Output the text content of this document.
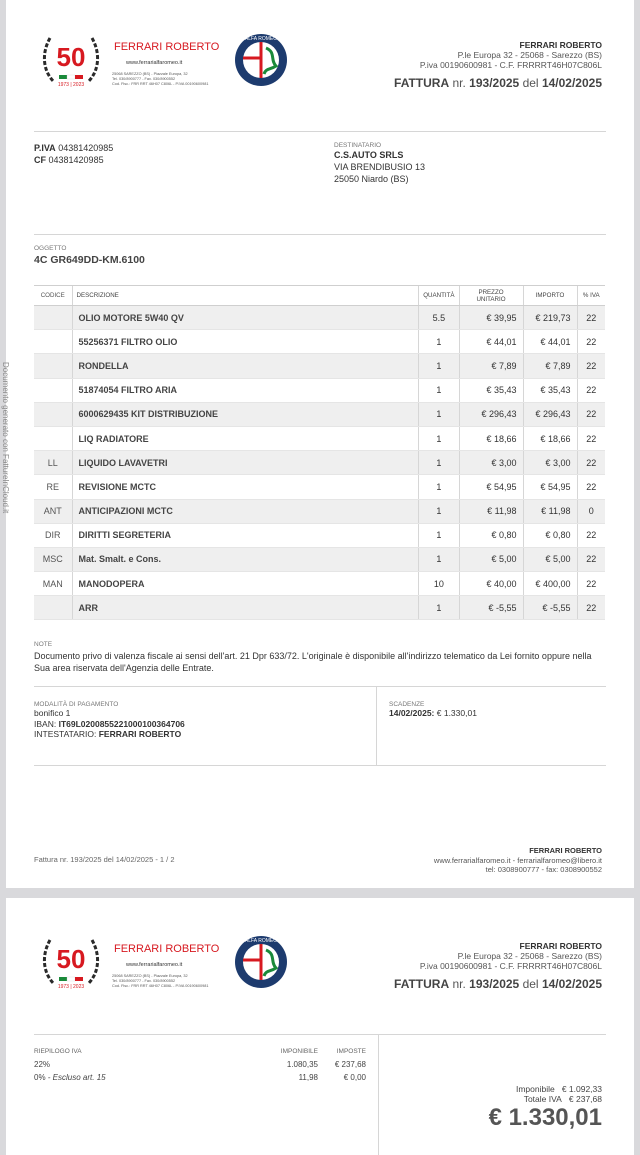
Documento generato con FattureInCloud.it
50
1973 | 2023
FERRARI ROBERTO
www.ferrarialfaromeo.it
25068 SAREZZO (BS) - Piazzale Europa, 32
Tel. 030/8900777 - Fax. 030/8900552
Cod. Fisc.: FRR RRT 46H07 C806L - P.IVA 00190600981
ALFA ROMEO
FERRARI ROBERTO
P.le Europa 32 - 25068 - Sarezzo (BS)
P.iva 00190600981 - C.F. FRRRRT46H07C806L
FATTURA nr. 193/2025 del 14/02/2025
P.IVA 04381420985
CF 04381420985
DESTINATARIO
C.S.AUTO SRLS
VIA BRENDIBUSIO 13
25050 Niardo (BS)
OGGETTO
4C GR649DD-KM.6100
CODICE	DESCRIZIONE	QUANTITÀ	PREZZO UNITARIO	IMPORTO	% IVA
	OLIO MOTORE 5W40 QV	5.5	€ 39,95	€ 219,73	22
	55256371 FILTRO OLIO	1	€ 44,01	€ 44,01	22
	RONDELLA	1	€ 7,89	€ 7,89	22
	51874054 FILTRO ARIA	1	€ 35,43	€ 35,43	22
	6000629435 KIT DISTRIBUZIONE	1	€ 296,43	€ 296,43	22
	LIQ RADIATORE	1	€ 18,66	€ 18,66	22
LL	LIQUIDO LAVAVETRI	1	€ 3,00	€ 3,00	22
RE	REVISIONE MCTC	1	€ 54,95	€ 54,95	22
ANT	ANTICIPAZIONI MCTC	1	€ 11,98	€ 11,98	0
DIR	DIRITTI SEGRETERIA	1	€ 0,80	€ 0,80	22
MSC	Mat. Smalt. e Cons.	1	€ 5,00	€ 5,00	22
MAN	MANODOPERA	10	€ 40,00	€ 400,00	22
	ARR	1	€ -5,55	€ -5,55	22
NOTE
Documento privo di valenza fiscale ai sensi dell'art. 21 Dpr 633/72. L'originale è disponibile all'indirizzo telematico da Lei fornito oppure nella Sua area riservata dell'Agenzia delle Entrate.
MODALITÀ DI PAGAMENTO
bonifico 1
IBAN: IT69L0200855221000100364706
INTESTATARIO: FERRARI ROBERTO
SCADENZE
14/02/2025: € 1.330,01
Fattura nr. 193/2025 del 14/02/2025 - 1 / 2
FERRARI ROBERTO
www.ferrarialfaromeo.it - ferrarialfaromeo@libero.it
tel: 0308900777 - fax: 0308900552
50
1973 | 2023
FERRARI ROBERTO
www.ferrarialfaromeo.it
25068 SAREZZO (BS) - Piazzale Europa, 32
Tel. 030/8900777 - Fax. 030/8900552
Cod. Fisc.: FRR RRT 46H07 C806L - P.IVA 00190600981
ALFA ROMEO	FERRARI ROBERTO
P.le Europa 32 - 25068 - Sarezzo (BS)
P.iva 00190600981 - C.F. FRRRRT46H07C806L
FATTURA nr. 193/2025 del 14/02/2025
RIEPILOGO IVA	IMPONIBILE	IMPOSTE
22%	1.080,35	€ 237,68
0% - Escluso art. 15	11,98	€ 0,00
Imponibile € 1.092,33
Totale IVA € 237,68
€ 1.330,01
